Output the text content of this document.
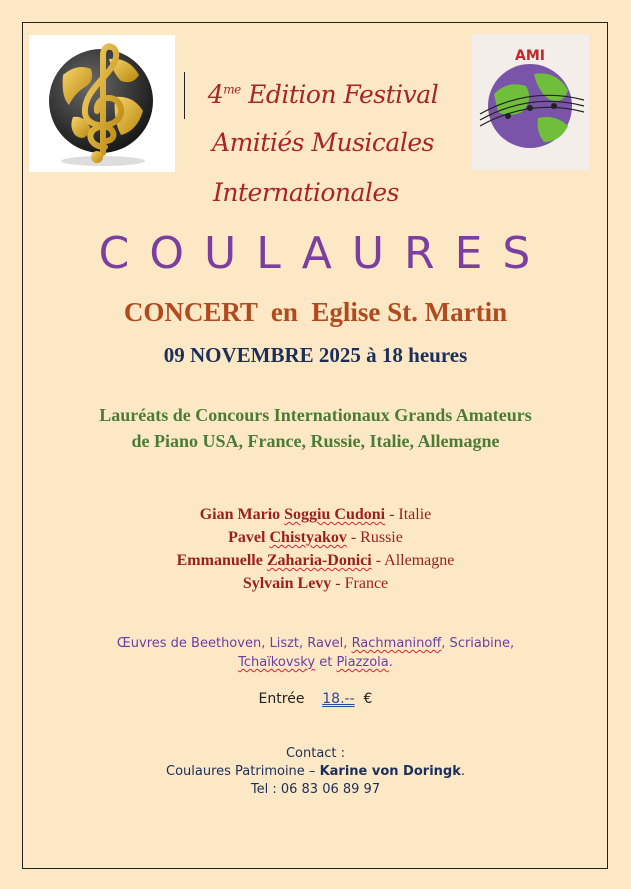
$4^{me}$ Edition Festival
Amitiés Musicales
Internationales
AMI
COULAURES
CONCERT  en  Eglise St. Martin
09 NOVEMBRE 2025 à 18 heures
Lauréats de Concours Internationaux Grands Amateurs
de Piano USA, France, Russie, Italie, Allemagne
Gian Mario Soggiu Cudoni - Italie
Pavel Chistyakov - Russie
Emmanuelle Zaharia-Donici - Allemagne
Sylvain Levy - France
Œuvres de Beethoven, Liszt, Ravel, Rachmaninoff, Scriabine,
Tchaïkovsky et Piazzola.
Entrée 18.-- €
Contact :
Coulaures Patrimoine – Karine von Doringk.
Tel : 06 83 06 89 97
